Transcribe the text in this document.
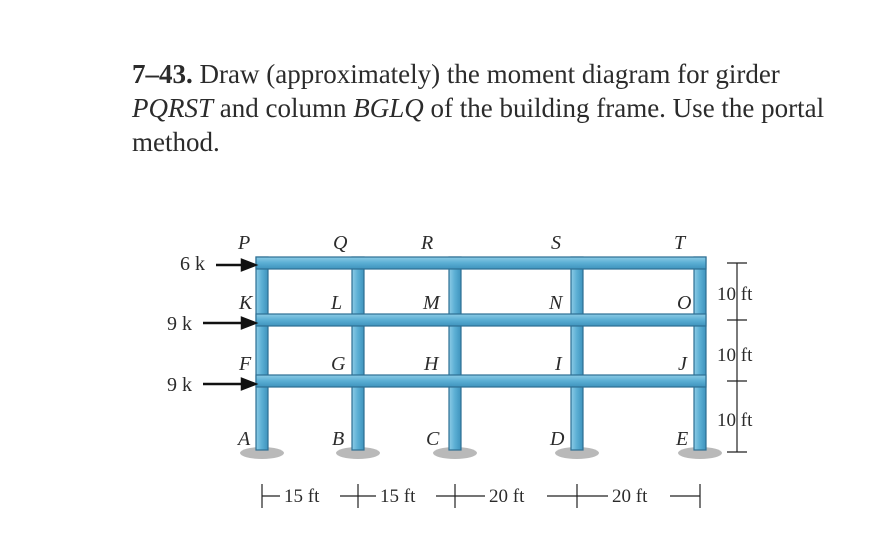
7–43. Draw (approximately) the moment diagram for girder PQRST and column BGLQ of the building frame. Use the portal method.

6 k
9 k
9 k
P	Q	R	S	T
K	L	M	N	O
F	G	H	I	J
A	B	C	D	E
10 ft
10 ft
10 ft
15 ft	15 ft	20 ft	20 ft
